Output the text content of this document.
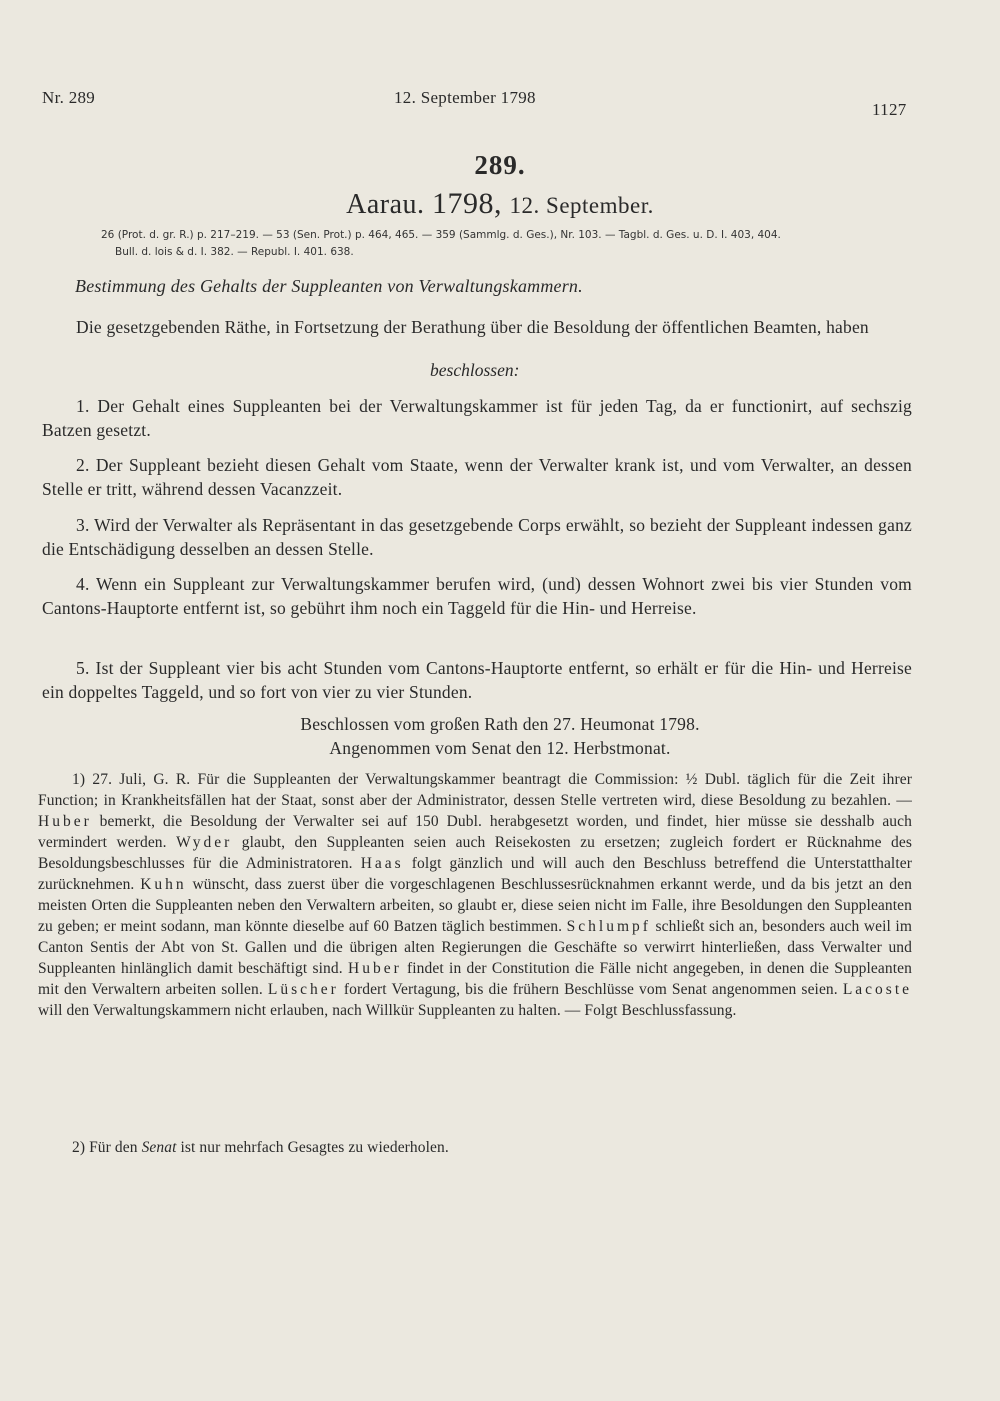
Nr. 289	12. September 1798
1127
289.
Aarau. 1798, 12. September.
26 (Prot. d. gr. R.) p. 217–219. — 53 (Sen. Prot.) p. 464, 465. — 359 (Sammlg. d. Ges.), Nr. 103. — Tagbl. d. Ges. u. D. I. 403, 404.
Bull. d. lois & d. I. 382. — Republ. I. 401. 638.
Bestimmung des Gehalts der Suppleanten von Verwaltungskammern.
Die gesetzgebenden Räthe, in Fortsetzung der Berathung über die Besoldung der öffentlichen Beamten, haben
beschlossen:
1. Der Gehalt eines Suppleanten bei der Verwaltungskammer ist für jeden Tag, da er functionirt, auf sechszig Batzen gesetzt.
2. Der Suppleant bezieht diesen Gehalt vom Staate, wenn der Verwalter krank ist, und vom Verwalter, an dessen Stelle er tritt, während dessen Vacanzzeit.
3. Wird der Verwalter als Repräsentant in das gesetzgebende Corps erwählt, so bezieht der Suppleant indessen ganz die Entschädigung desselben an dessen Stelle.
4. Wenn ein Suppleant zur Verwaltungskammer berufen wird, (und) dessen Wohnort zwei bis vier Stunden vom Cantons-Hauptorte entfernt ist, so gebührt ihm noch ein Taggeld für die Hin- und Herreise.
5. Ist der Suppleant vier bis acht Stunden vom Cantons-Hauptorte entfernt, so erhält er für die Hin- und Herreise ein doppeltes Taggeld, und so fort von vier zu vier Stunden.
Beschlossen vom großen Rath den 27. Heumonat 1798.
Angenommen vom Senat den 12. Herbstmonat.
1) 27. Juli, G. R. Für die Suppleanten der Verwaltungskammer beantragt die Commission: ½ Dubl. täglich für die Zeit ihrer Function; in Krankheitsfällen hat der Staat, sonst aber der Administrator, dessen Stelle vertreten wird, diese Besoldung zu bezahlen. — Huber bemerkt, die Besoldung der Verwalter sei auf 150 Dubl. herabgesetzt worden, und findet, hier müsse sie desshalb auch vermindert werden. Wyder glaubt, den Suppleanten seien auch Reisekosten zu ersetzen; zugleich fordert er Rücknahme des Besoldungsbeschlusses für die Administratoren. Haas folgt gänzlich und will auch den Beschluss betreffend die Unterstatthalter zurücknehmen. Kuhn wünscht, dass zuerst über die vorgeschlagenen Beschlussesrücknahmen erkannt werde, und da bis jetzt an den meisten Orten die Suppleanten neben den Verwaltern arbeiten, so glaubt er, diese seien nicht im Falle, ihre Besoldungen den Suppleanten zu geben; er meint sodann, man könnte dieselbe auf 60 Batzen täglich bestimmen. Schlumpf schließt sich an, besonders auch weil im Canton Sentis der Abt von St. Gallen und die übrigen alten Regierungen die Geschäfte so verwirrt hinterließen, dass Verwalter und Suppleanten hinlänglich damit beschäftigt sind. Huber findet in der Constitution die Fälle nicht angegeben, in denen die Suppleanten mit den Verwaltern arbeiten sollen. Lüscher fordert Vertagung, bis die frühern Beschlüsse vom Senat angenommen seien. Lacoste will den Verwaltungskammern nicht erlauben, nach Willkür Suppleanten zu halten. — Folgt Beschlussfassung.
2) Für den Senat ist nur mehrfach Gesagtes zu wiederholen.
